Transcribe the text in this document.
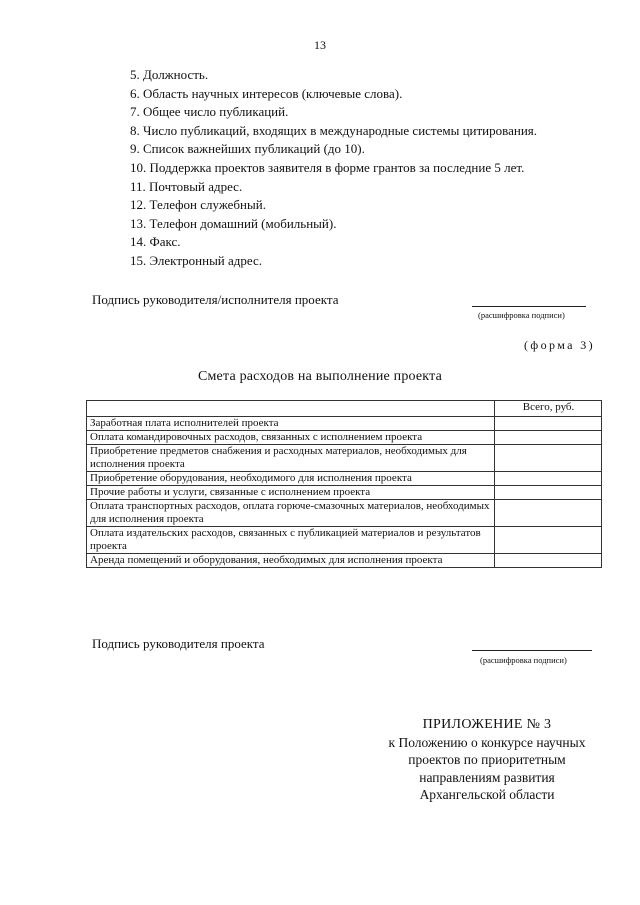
13
5. Должность.
6. Область научных интересов (ключевые слова).
7. Общее число публикаций.
8. Число публикаций, входящих в международные системы цитирования.
9. Список важнейших публикаций (до 10).
10. Поддержка проектов заявителя в форме грантов за последние 5 лет.
11. Почтовый адрес.
12. Телефон служебный.
13. Телефон домашний (мобильный).
14. Факс.
15. Электронный адрес.
Подпись руководителя/исполнителя проекта
(расшифровка подписи)
(форма 3)
Смета расходов на выполнение проекта
	Всего, руб.
Заработная плата исполнителей проекта	
Оплата командировочных расходов, связанных с исполнением проекта	
Приобретение предметов снабжения и расходных материалов, необходимых для исполнения проекта	
Приобретение оборудования, необходимого для исполнения проекта	
Прочие работы и услуги, связанные с исполнением проекта	
Оплата транспортных расходов, оплата горюче-смазочных материалов, необходимых для исполнения проекта	
Оплата издательских расходов, связанных с публикацией материалов и результатов проекта	
Аренда помещений и оборудования, необходимых для исполнения проекта	
Подпись руководителя проекта
(расшифровка подписи)
ПРИЛОЖЕНИЕ № 3
к Положению о конкурсе научных
проектов по приоритетным
направлениям развития
Архангельской области
